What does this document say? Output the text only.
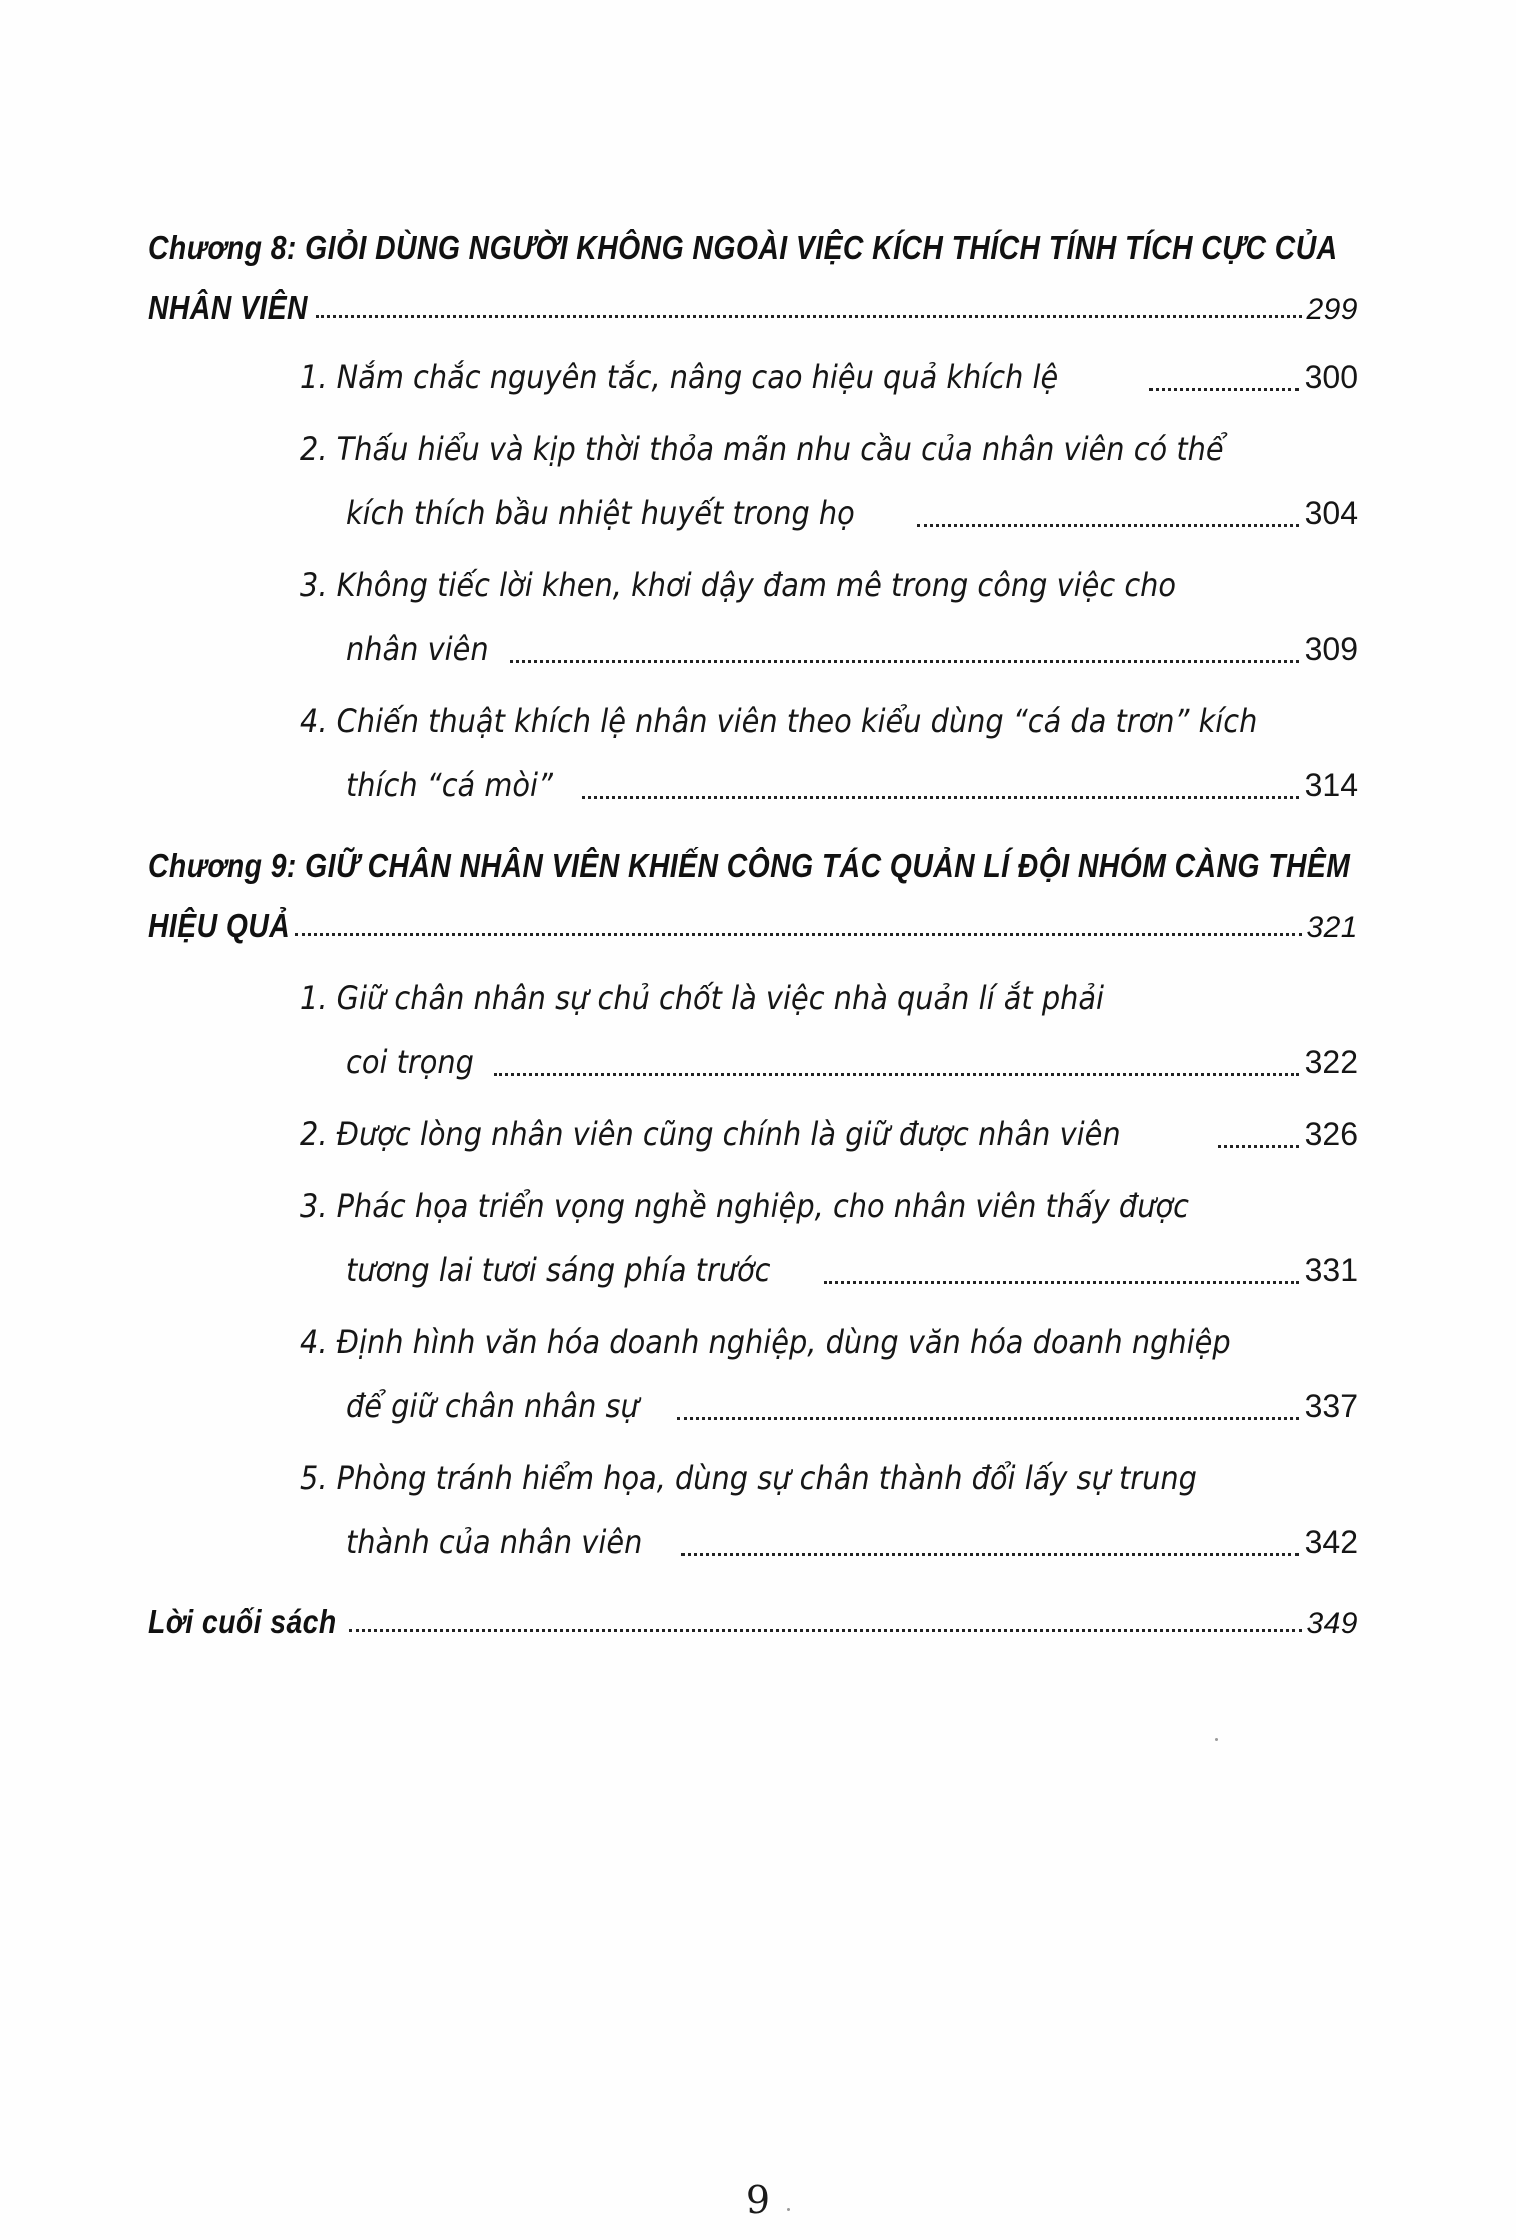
Chương 8: GIỎI DÙNG NGƯỜI KHÔNG NGOÀI VIỆC KÍCH THÍCH TÍNH TÍCH CỰC CỦA
NHÂN VIÊN	299
1. Nắm chắc nguyên tắc, nâng cao hiệu quả khích lệ	300
2. Thấu hiểu và kịp thời thỏa mãn nhu cầu của nhân viên có thể
kích thích bầu nhiệt huyết trong họ	304
3. Không tiếc lời khen, khơi dậy đam mê trong công việc cho
nhân viên	309
4. Chiến thuật khích lệ nhân viên theo kiểu dùng “cá da trơn” kích
thích “cá mòi”	314
Chương 9: GIỮ CHÂN NHÂN VIÊN KHIẾN CÔNG TÁC QUẢN LÍ ĐỘI NHÓM CÀNG THÊM
HIỆU QUẢ	321
1. Giữ chân nhân sự chủ chốt là việc nhà quản lí ắt phải
coi trọng	322
2. Được lòng nhân viên cũng chính là giữ được nhân viên	326
3. Phác họa triển vọng nghề nghiệp, cho nhân viên thấy được
tương lai tươi sáng phía trước	331
4. Định hình văn hóa doanh nghiệp, dùng văn hóa doanh nghiệp
để giữ chân nhân sự	337
5. Phòng tránh hiểm họa, dùng sự chân thành đổi lấy sự trung
thành của nhân viên	342
Lời cuối sách	349
9
